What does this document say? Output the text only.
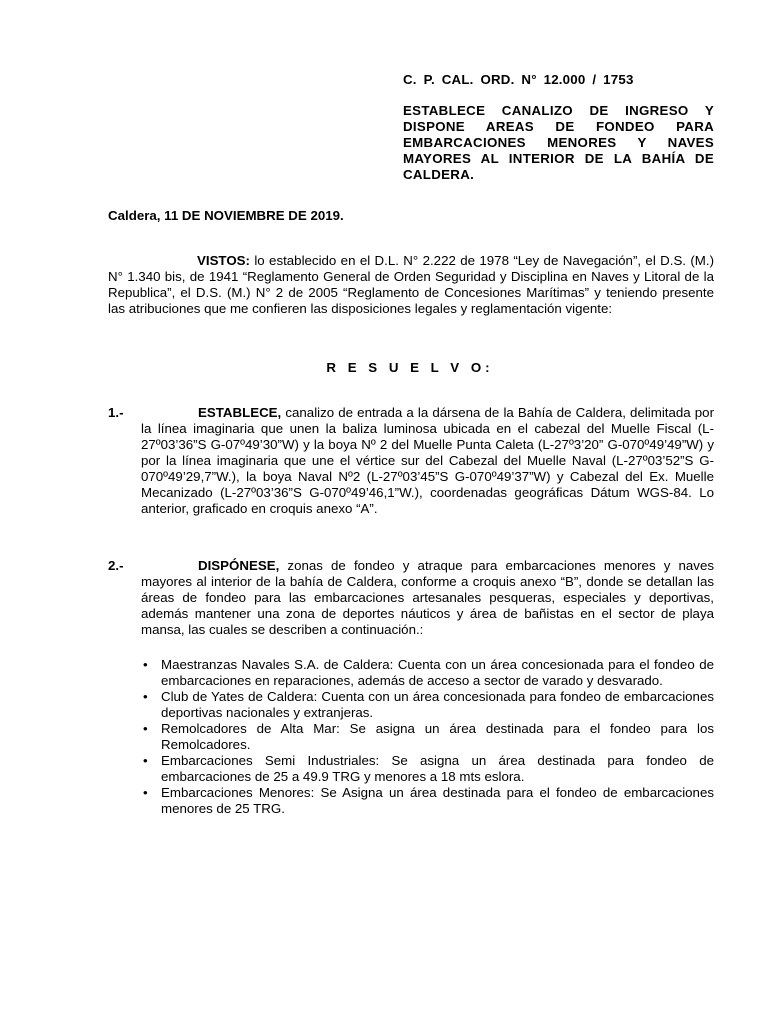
C. P. CAL. ORD. N° 12.000 / 1753
ESTABLECE CANALIZO DE INGRESO Y DISPONE AREAS DE FONDEO PARA EMBARCACIONES MENORES Y NAVES MAYORES AL INTERIOR DE LA BAHÍA DE CALDERA.
Caldera, 11 DE NOVIEMBRE DE 2019.

VISTOS: lo establecido en el D.L. N° 2.222 de 1978 “Ley de Navegación”, el D.S. (M.) N° 1.340 bis, de 1941 “Reglamento General de Orden Seguridad y Disciplina en Naves y Litoral de la Republica”, el D.S. (M.) N° 2 de 2005 “Reglamento de Concesiones Marítimas” y teniendo presente las atribuciones que me confieren las disposiciones legales y reglamentación vigente:

R E S U E L V O:
1.-	ESTABLECE, canalizo de entrada a la dársena de la Bahía de Caldera, delimitada por la línea imaginaria que unen la baliza luminosa ubicada en el cabezal del Muelle Fiscal (L-27º03’36”S G-07º49’30”W) y la boya Nº 2 del Muelle Punta Caleta (L-27º3’20” G-070º49’49”W) y por la línea imaginaria que une el vértice sur del Cabezal del Muelle Naval (L-27º03’52”S G-070º49’29,7”W.), la boya Naval Nº2 (L-27º03’45”S G-070º49’37”W) y Cabezal del Ex. Muelle Mecanizado (L-27º03’36”S G-070º49’46,1”W.), coordenadas geográficas Dátum WGS-84. Lo anterior, graficado en croquis anexo “A”.

2.-	DISPÓNESE, zonas de fondeo y atraque para embarcaciones menores y naves mayores al interior de la bahía de Caldera, conforme a croquis anexo “B”, donde se detallan las áreas de fondeo para las embarcaciones artesanales pesqueras, especiales y deportivas, además mantener una zona de deportes náuticos y área de bañistas en el sector de playa mansa, las cuales se describen a continuación.:

• Maestranzas Navales S.A. de Caldera: Cuenta con un área concesionada para el fondeo de embarcaciones en reparaciones, además de acceso a sector de varado y desvarado.
• Club de Yates de Caldera: Cuenta con un área concesionada para fondeo de embarcaciones deportivas nacionales y extranjeras.
• Remolcadores de Alta Mar: Se asigna un área destinada para el fondeo para los Remolcadores.
• Embarcaciones Semi Industriales: Se asigna un área destinada para fondeo de embarcaciones de 25 a 49.9 TRG y menores a 18 mts eslora.
• Embarcaciones Menores: Se Asigna un área destinada para el fondeo de embarcaciones menores de 25 TRG.
